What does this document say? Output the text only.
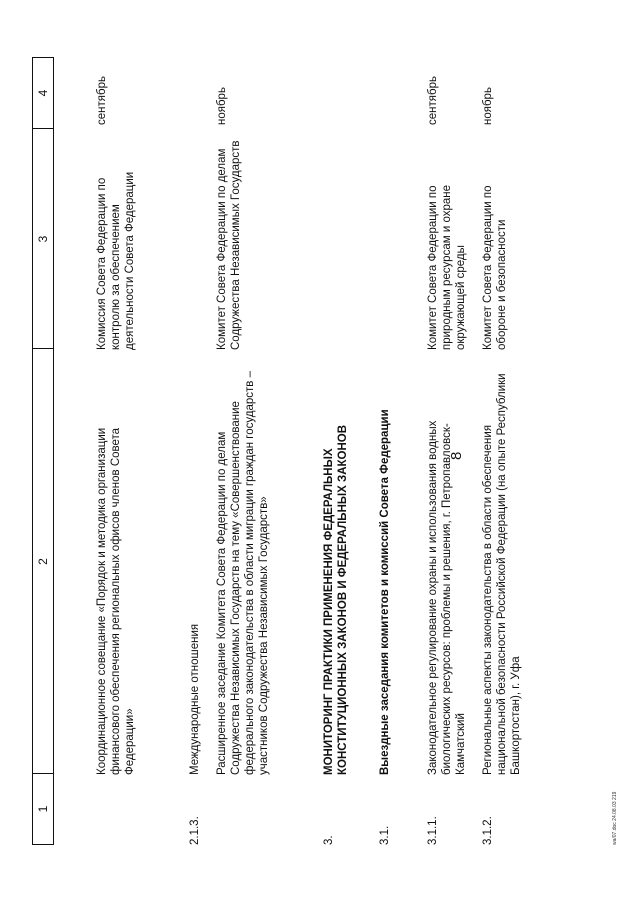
8
1
2
3
4
Координационное совещание «Порядок и методика организации финансового обеспечения региональных офисов членов Совета Федерации»
Комиссия Совета Федерации по контролю за обеспечением деятельности Совета Федерации
сентябрь
2.1.3.
Международные отношения Расширенное заседание Комитета Совета Федерации по делам Содружества Независимых Государств на тему «Совершенствование федерального законодательства в области миграции граждан государств – участников Содружества Независимых Государств»
Комитет Совета Федерации по делам Содружества Независимых Государств
ноябрь
3.
МОНИТОРИНГ ПРАКТИКИ ПРИМЕНЕНИЯ ФЕДЕРАЛЬНЫХ КОНСТИТУЦИОННЫХ ЗАКОНОВ И ФЕДЕРАЛЬНЫХ ЗАКОНОВ
3.1.
Выездные заседания комитетов и комиссий Совета Федерации
3.1.1.
Законодательное регулирование охраны и использования водных биологических ресурсов: проблемы и решения, г. Петропавловск-Камчатский
Комитет Совета Федерации по природным ресурсам и охране окружающей среды
сентябрь
3.1.2.
Региональные аспекты законодательства в области обеспечения национальной безопасности Российской Федерации (на опыте Республики Башкортостан), г. Уфа
Комитет Совета Федерации по обороне и безопасности
ноябрь
wa/07.doc 24.08.03 219
